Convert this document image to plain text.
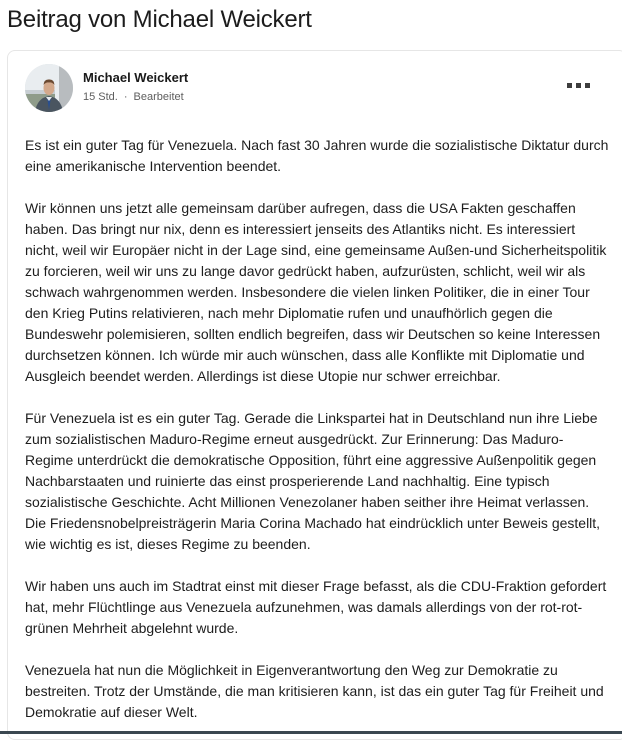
Beitrag von Michael Weickert
Michael Weickert
15 Std. · Bearbeitet

Es ist ein guter Tag für Venezuela. Nach fast 30 Jahren wurde die sozialistische Diktatur durch eine amerikanische Intervention beendet.

Wir können uns jetzt alle gemeinsam darüber aufregen, dass die USA Fakten geschaffen haben. Das bringt nur nix, denn es interessiert jenseits des Atlantiks nicht. Es interessiert nicht, weil wir Europäer nicht in der Lage sind, eine gemeinsame Außen-und Sicherheitspolitik zu forcieren, weil wir uns zu lange davor gedrückt haben, aufzurüsten, schlicht, weil wir als schwach wahrgenommen werden. Insbesondere die vielen linken Politiker, die in einer Tour den Krieg Putins relativieren, nach mehr Diplomatie rufen und unaufhörlich gegen die Bundeswehr polemisieren, sollten endlich begreifen, dass wir Deutschen so keine Interessen durchsetzen können. Ich würde mir auch wünschen, dass alle Konflikte mit Diplomatie und Ausgleich beendet werden. Allerdings ist diese Utopie nur schwer erreichbar.

Für Venezuela ist es ein guter Tag. Gerade die Linkspartei hat in Deutschland nun ihre Liebe zum sozialistischen Maduro-Regime erneut ausgedrückt. Zur Erinnerung: Das Maduro-Regime unterdrückt die demokratische Opposition, führt eine aggressive Außenpolitik gegen Nachbarstaaten und ruinierte das einst prosperierende Land nachhaltig. Eine typisch sozialistische Geschichte. Acht Millionen Venezolaner haben seither ihre Heimat verlassen. Die Friedensnobelpreisträgerin Maria Corina Machado hat eindrücklich unter Beweis gestellt, wie wichtig es ist, dieses Regime zu beenden.

Wir haben uns auch im Stadtrat einst mit dieser Frage befasst, als die CDU-Fraktion gefordert hat, mehr Flüchtlinge aus Venezuela aufzunehmen, was damals allerdings von der rot-rot-grünen Mehrheit abgelehnt wurde.

Venezuela hat nun die Möglichkeit in Eigenverantwortung den Weg zur Demokratie zu bestreiten. Trotz der Umstände, die man kritisieren kann, ist das ein guter Tag für Freiheit und Demokratie auf dieser Welt.
